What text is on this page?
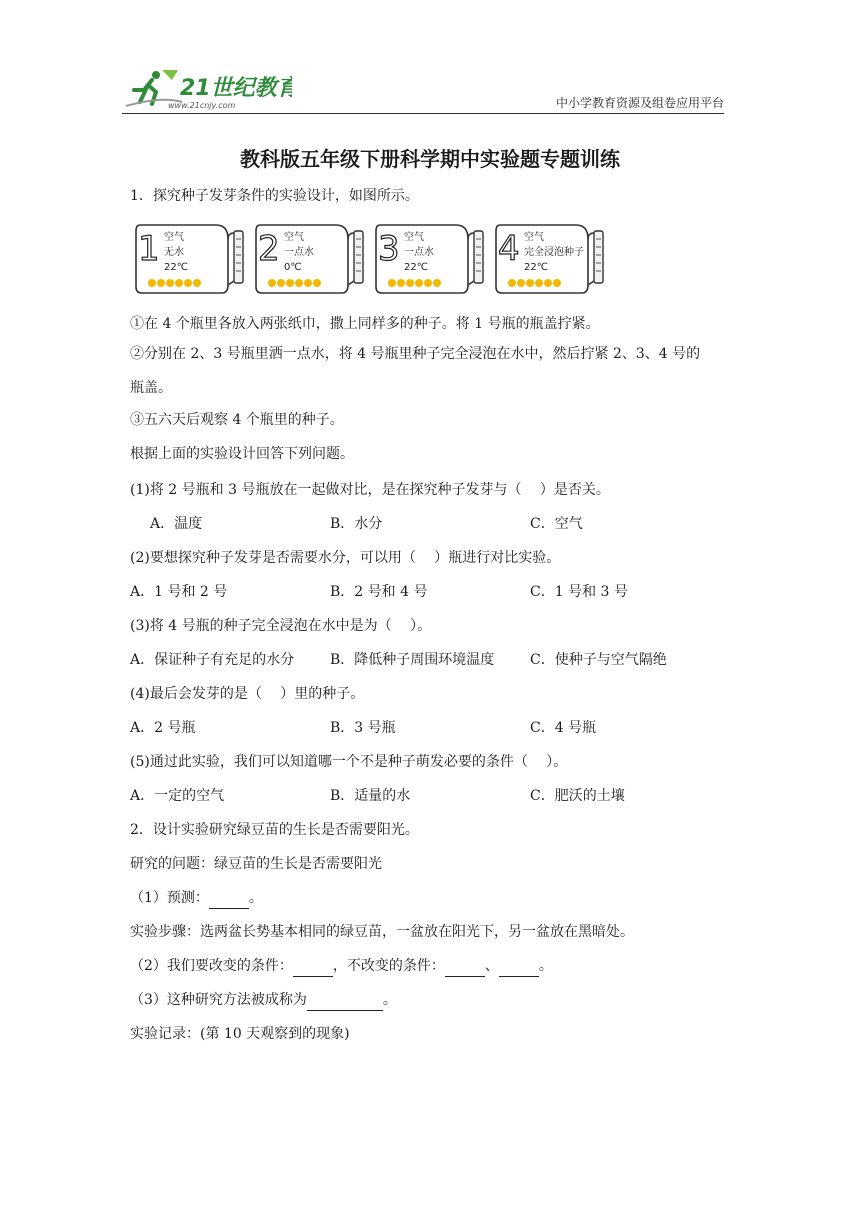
21世纪教育
www.21cnjy.com	中小学教育资源及组卷应用平台
教科版五年级下册科学期中实验题专题训练
1．探究种子发芽条件的实验设计，如图所示。
1 空气
无水
22℃ 2 空气
一点水
0℃ 3 空气
一点水
22℃ 4 空气
完全浸泡种子
22℃
①在 4 个瓶里各放入两张纸巾，撒上同样多的种子。将 1 号瓶的瓶盖拧紧。
②分别在 2、3 号瓶里洒一点水，将 4 号瓶里种子完全浸泡在水中，然后拧紧 2、3、4 号的
瓶盖。
③五六天后观察 4 个瓶里的种子。
根据上面的实验设计回答下列问题。
(1)将 2 号瓶和 3 号瓶放在一起做对比，是在探究种子发芽与（　 ）是否关。
A．温度	B．水分	C．空气
(2)要想探究种子发芽是否需要水分，可以用（　 ）瓶进行对比实验。
A．1 号和 2 号	B．2 号和 4 号	C．1 号和 3 号
(3)将 4 号瓶的种子完全浸泡在水中是为（　 ）。
A．保证种子有充足的水分	B．降低种子周围环境温度	C．使种子与空气隔绝
(4)最后会发芽的是（　 ）里的种子。
A．2 号瓶	B．3 号瓶	C．4 号瓶
(5)通过此实验，我们可以知道哪一个不是种子萌发必要的条件（　 ）。
A．一定的空气	B．适量的水	C．肥沃的土壤
2．设计实验研究绿豆苗的生长是否需要阳光。
研究的问题：绿豆苗的生长是否需要阳光
（1）预测：	。
实验步骤：选两盆长势基本相同的绿豆苗，一盆放在阳光下，另一盆放在黑暗处。
（2）我们要改变的条件：	，不改变的条件：	、	。
（3）这种研究方法被成称为	。
实验记录：(第 10 天观察到的现象)
